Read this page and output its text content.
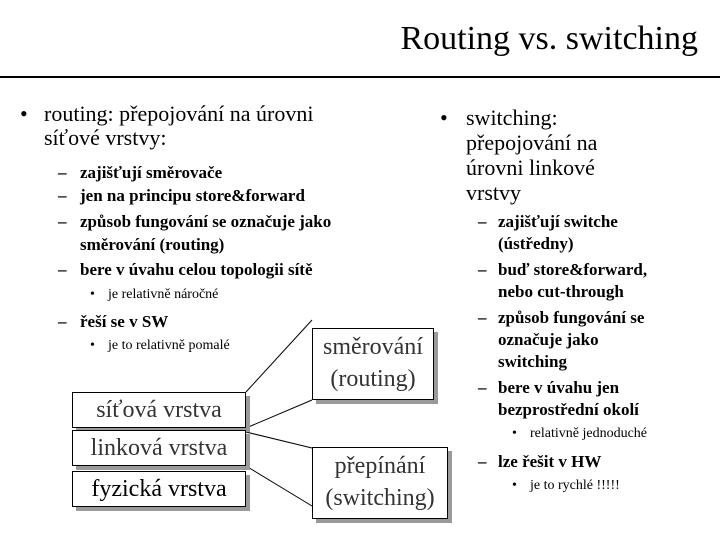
Routing vs. switching
• routing: přepojování na úrovni
síťové vrstvy:
– zajišťují směrovače
– jen na principu store&forward
– způsob fungování se označuje jako
směrování (routing)
– bere v úvahu celou topologii sítě
• je relativně náročné
– řeší se v SW
• je to relativně pomalé
síťová vrstva
linková vrstva
fyzická vrstva
směrování
(routing)
přepínání
(switching)
• switching:
přepojování na
úrovni linkové
vrstvy
– zajišťují switche
(ústředny)
– buď store&forward,
nebo cut-through
– způsob fungování se
označuje jako
switching
– bere v úvahu jen
bezprostřední okolí
• relativně jednoduché
– lze řešit v HW
• je to rychlé !!!!!
